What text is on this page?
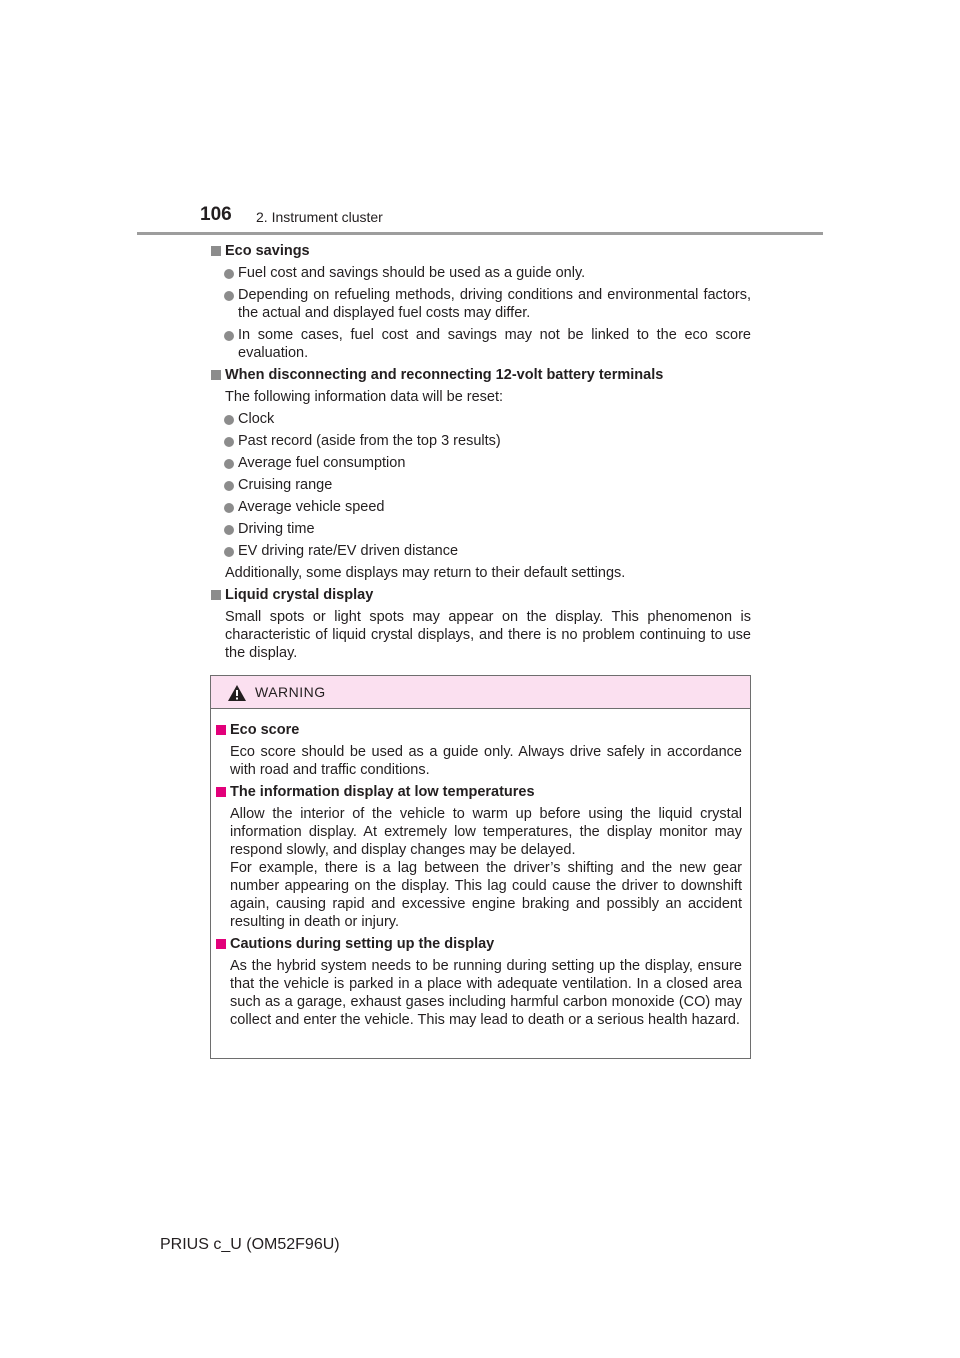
106 2. Instrument cluster
Eco savings
Fuel cost and savings should be used as a guide only.
Depending on refueling methods, driving conditions and environmental factors, the actual and displayed fuel costs may differ.
In some cases, fuel cost and savings may not be linked to the eco score evaluation.
When disconnecting and reconnecting 12-volt battery terminals
The following information data will be reset:
Clock
Past record (aside from the top 3 results)
Average fuel consumption
Cruising range
Average vehicle speed
Driving time
EV driving rate/EV driven distance
Additionally, some displays may return to their default settings.
Liquid crystal display
Small spots or light spots may appear on the display. This phenomenon is characteristic of liquid crystal displays, and there is no problem continuing to use the display.
WARNING
Eco score
Eco score should be used as a guide only. Always drive safely in accordance with road and traffic conditions.
The information display at low temperatures
Allow the interior of the vehicle to warm up before using the liquid crystal information display. At extremely low temperatures, the display monitor may respond slowly, and display changes may be delayed.
For example, there is a lag between the driver’s shifting and the new gear number appearing on the display. This lag could cause the driver to downshift again, causing rapid and excessive engine braking and possibly an accident resulting in death or injury.
Cautions during setting up the display
As the hybrid system needs to be running during setting up the display, ensure that the vehicle is parked in a place with adequate ventilation. In a closed area such as a garage, exhaust gases including harmful carbon monoxide (CO) may collect and enter the vehicle. This may lead to death or a serious health hazard.
PRIUS c_U (OM52F96U)
